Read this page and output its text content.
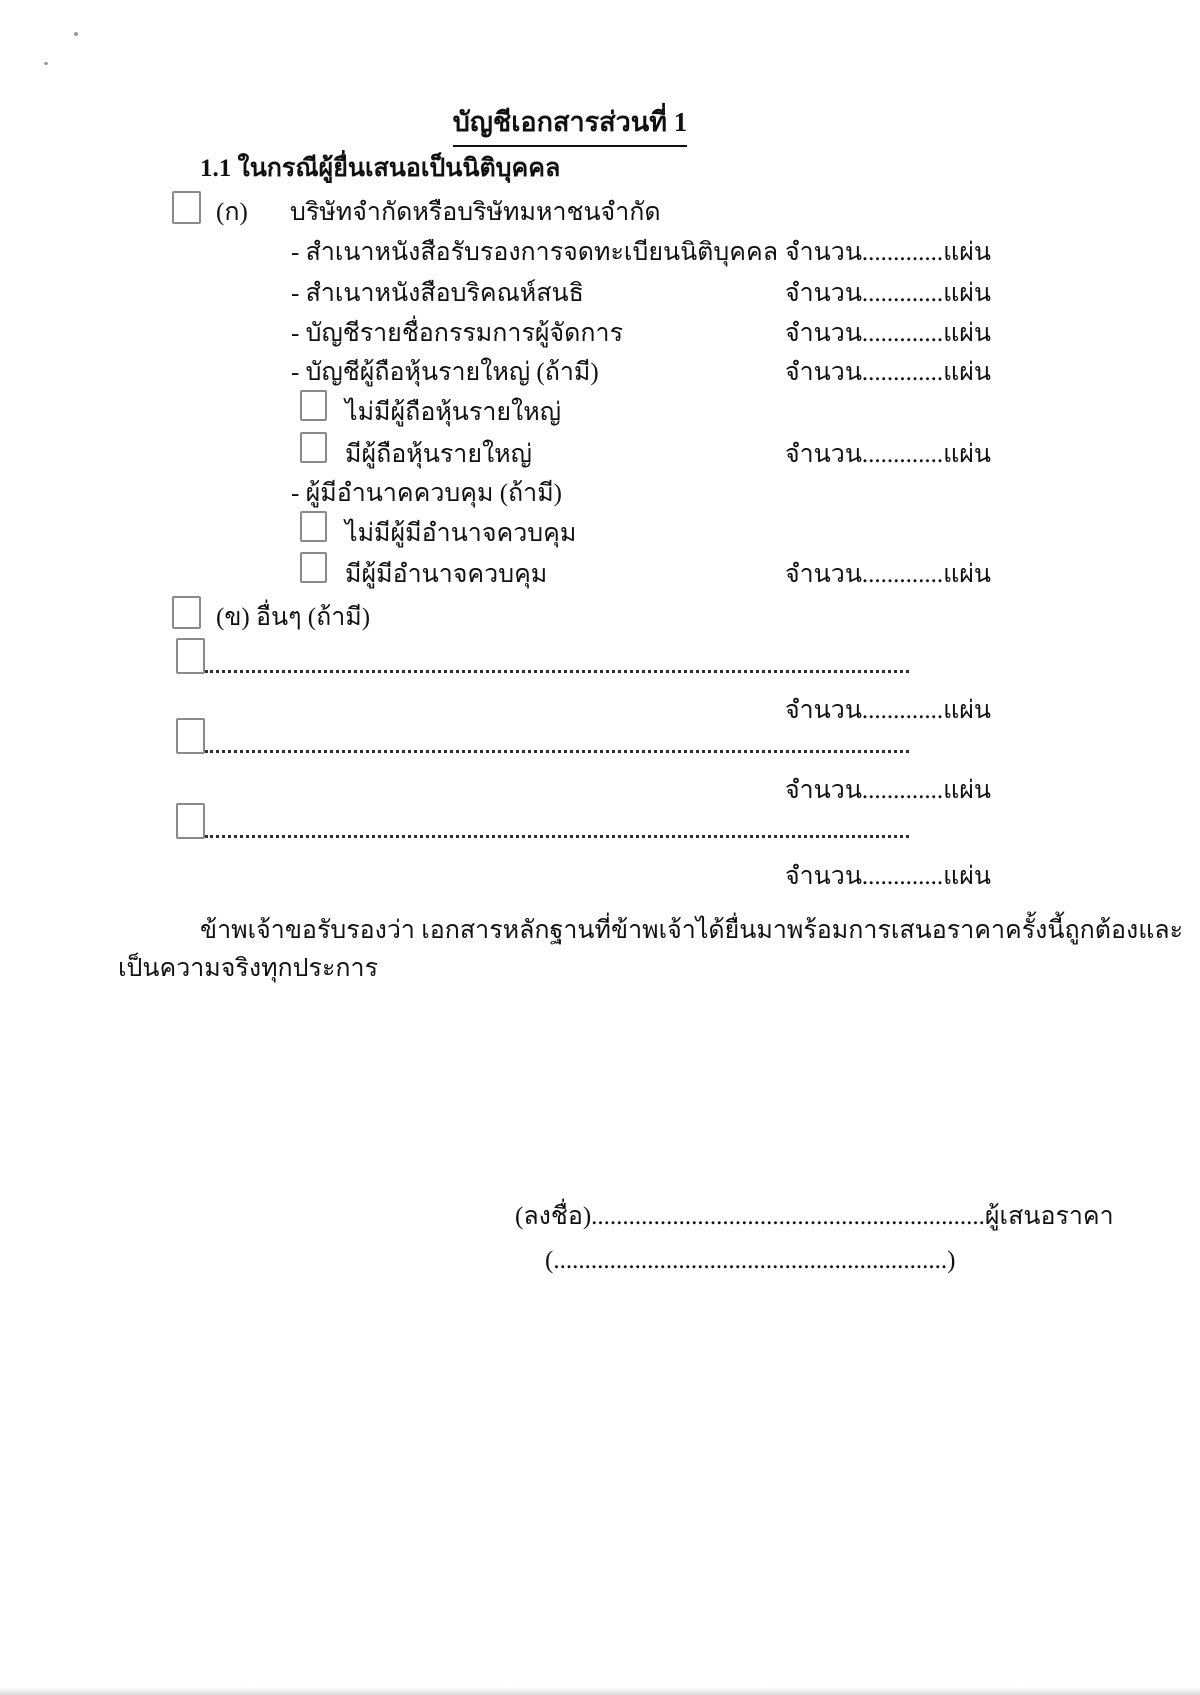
บัญชีเอกสารส่วนที่ 1
1.1 ในกรณีผู้ยื่นเสนอเป็นนิติบุคคล
(ก) บริษัทจำกัดหรือบริษัทมหาชนจำกัด
- สำเนาหนังสือรับรองการจดทะเบียนนิติบุคคล จำนวน.............แผ่น
- สำเนาหนังสือบริคณห์สนธิ	จำนวน.............แผ่น
- บัญชีรายชื่อกรรมการผู้จัดการ	จำนวน.............แผ่น
- บัญชีผู้ถือหุ้นรายใหญ่ (ถ้ามี)	จำนวน.............แผ่น
ไม่มีผู้ถือหุ้นรายใหญ่
มีผู้ถือหุ้นรายใหญ่	จำนวน.............แผ่น
- ผู้มีอำนาคควบคุม (ถ้ามี)
ไม่มีผู้มีอำนาจควบคุม
มีผู้มีอำนาจควบคุม	จำนวน.............แผ่น
(ข) อื่นๆ (ถ้ามี)
จำนวน.............แผ่น
จำนวน.............แผ่น
จำนวน.............แผ่น
ข้าพเจ้าขอรับรองว่า เอกสารหลักฐานที่ข้าพเจ้าได้ยื่นมาพร้อมการเสนอราคาครั้งนี้ถูกต้องและ
เป็นความจริงทุกประการ
(ลงชื่อ)...............................................................ผู้เสนอราคา
(...............................................................)
